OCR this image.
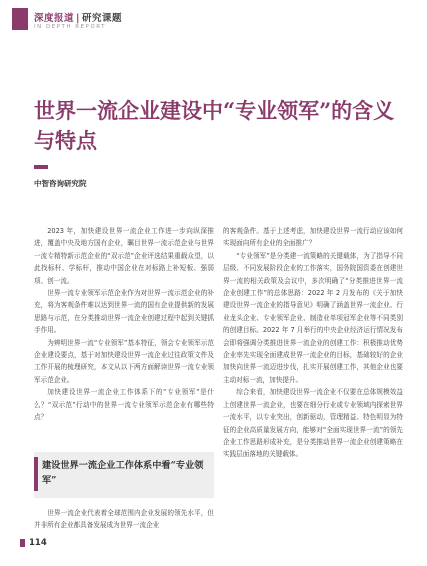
深度报道 | 研究课题
IN DEPTH REPORT
世界一流企业建设中“专业领军”的含义与特点
中智咨询研究院

2023 年，加快建设世界一流企业工作进一步向纵深推进，覆盖中央及地方国有企业，瞩目世界一流示范企业与世界一流专精特新示范企业的“双示范”企业评选结果重载众望，以此找标杆、学标杆，推动中国企业在对标路上补短板、强弱项、创一流。

世界一流专业领军示范企业作为对世界一流示范企业的补充，将为客观条件难以达到世界一流的国有企业提供新的发展思路与示范，在分类推动世界一流企业创建过程中起到关键抓手作用。

为辨明世界一流“专业领军”基本特征，领会专业领军示范企业建设要点，基于对加快建设世界一流企业过往政策文件及工作开展的梳理研究，本文从以下两方面解读世界一流专业领军示范企业。

加快建设世界一流企业工作体系下的“专业领军”是什么？“双示范”行动中的世界一流专业领军示范企业有哪些特点？

建设世界一流企业工作体系中看“专业领军”

世界一流企业代表着全球范围内企业发展的领先水平，但并非所有企业都具备发展成为世界一流企业

的客观条件。基于上述考虑，加快建设世界一流行动应该如何实现面向所有企业的全面推广？

“专业领军”是分类建一流策略的关键载体，为了指导不同层级、不同发展阶段企业的工作落实，国务院国资委在创建世界一流的相关政策及会议中，多次明确了“分类推进世界一流企业创建工作”的总体思路：2022 年 2 月发布的《关于加快建设世界一流企业的指导意见》明确了涵盖世界一流企业、行业龙头企业、专业领军企业、制造业单项冠军企业等不同类别的创建目标。2022 年 7 月举行的中央企业经济运行情况发布会即将强调分类推进世界一流企业的创建工作：积极推动优势企业率先实现全面建成世界一流企业的目标，基础较好的企业加快向世界一流迈进步伐，扎实开展创建工作，其他企业也要主动对标一流，加快提升。

综合来看，加快建设世界一流企业不仅要在总体规模效益上创建世界一流企业，也要在细分行业或专业领域内探索世界一流水平，以专业突出，创新驱动，管理精益、特色明显为特征的企业高质量发展方向，能够对“全面实现世界一流”的领先企业工作思路形成补充，是分类推动世界一流企业创建策略在实践层面落地的关键载体。

114
